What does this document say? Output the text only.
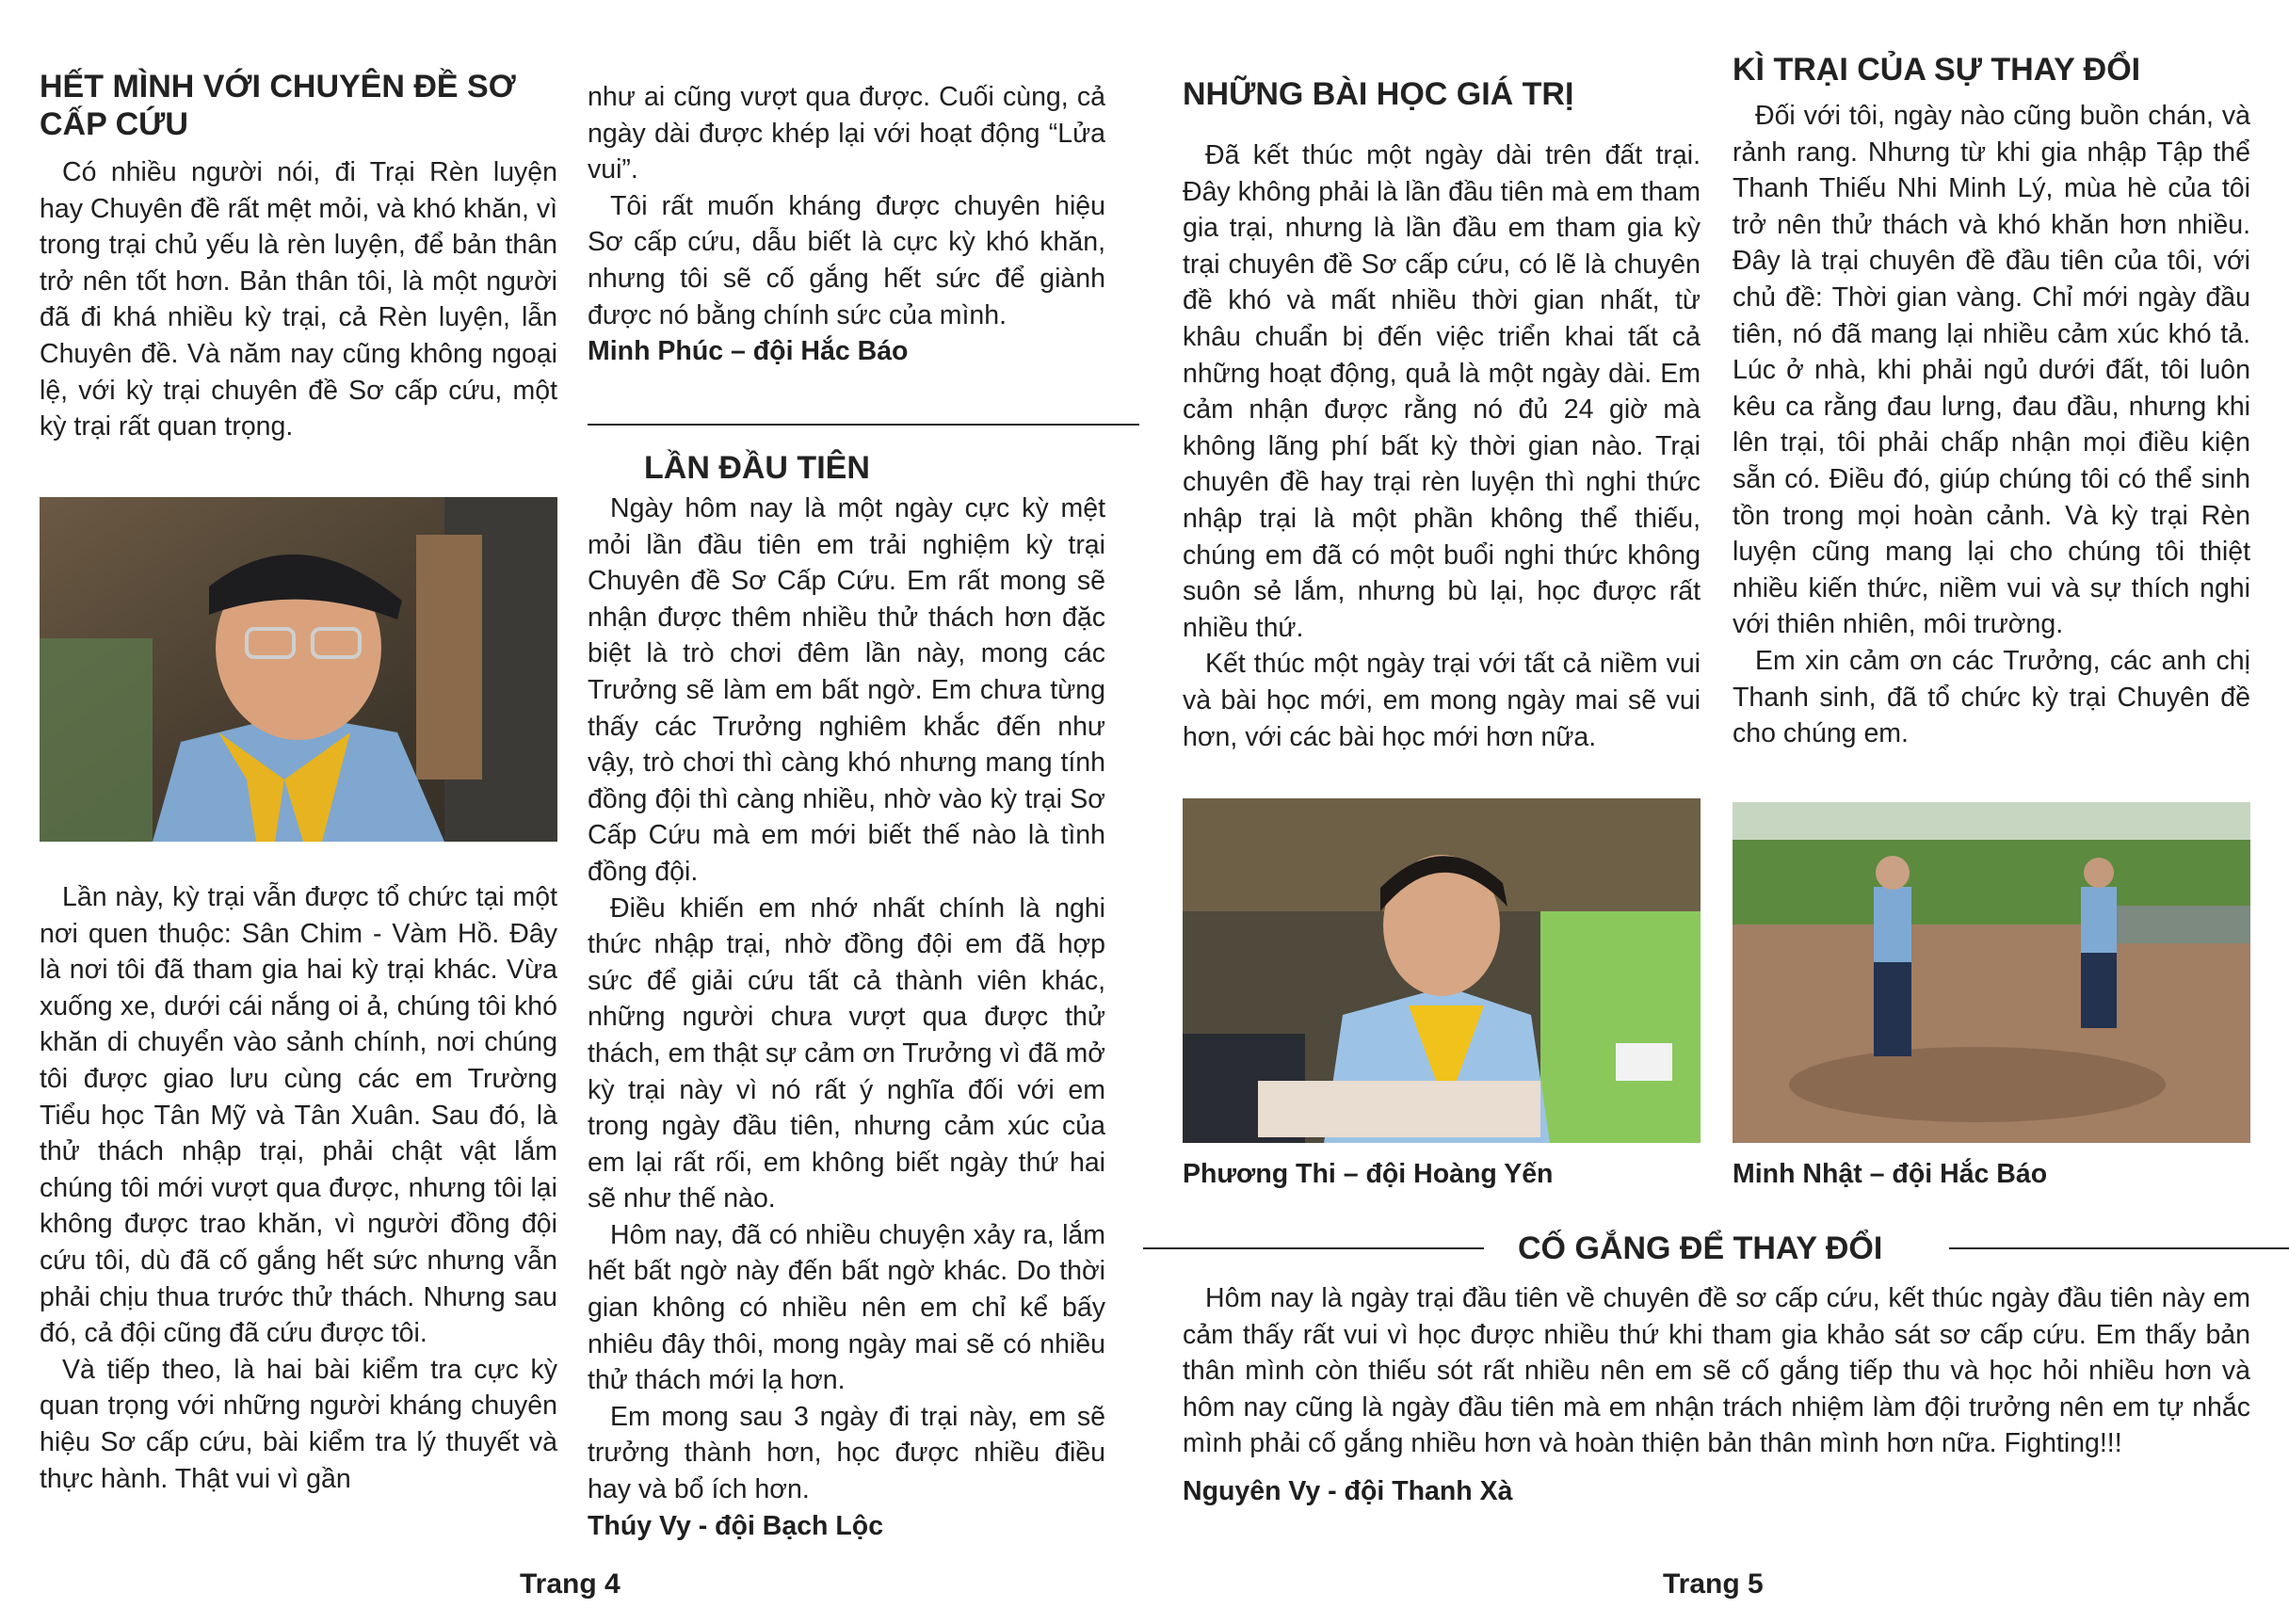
HẾT MÌNH VỚI CHUYÊN ĐỀ SƠ CẤP CỨU

Có nhiều người nói, đi Trại Rèn luyện hay Chuyên đề rất mệt mỏi, và khó khăn, vì trong trại chủ yếu là rèn luyện, để bản thân trở nên tốt hơn. Bản thân tôi, là một người đã đi khá nhiều kỳ trại, cả Rèn luyện, lẫn Chuyên đề. Và năm nay cũng không ngoại lệ, với kỳ trại chuyên đề Sơ cấp cứu, một kỳ trại rất quan trọng.

Lần này, kỳ trại vẫn được tổ chức tại một nơi quen thuộc: Sân Chim - Vàm Hồ. Đây là nơi tôi đã tham gia hai kỳ trại khác. Vừa xuống xe, dưới cái nắng oi ả, chúng tôi khó khăn di chuyển vào sảnh chính, nơi chúng tôi được giao lưu cùng các em Trường Tiểu học Tân Mỹ và Tân Xuân. Sau đó, là thử thách nhập trại, phải chật vật lắm chúng tôi mới vượt qua được, nhưng tôi lại không được trao khăn, vì người đồng đội cứu tôi, dù đã cố gắng hết sức nhưng vẫn phải chịu thua trước thử thách. Nhưng sau đó, cả đội cũng đã cứu được tôi.

Và tiếp theo, là hai bài kiểm tra cực kỳ quan trọng với những người kháng chuyên hiệu Sơ cấp cứu, bài kiểm tra lý thuyết và thực hành. Thật vui vì gần

như ai cũng vượt qua được. Cuối cùng, cả ngày dài được khép lại với hoạt động “Lửa vui”.

Tôi rất muốn kháng được chuyên hiệu Sơ cấp cứu, dẫu biết là cực kỳ khó khăn, nhưng tôi sẽ cố gắng hết sức để giành được nó bằng chính sức của mình.

Minh Phúc – đội Hắc Báo

LẦN ĐẦU TIÊN

Ngày hôm nay là một ngày cực kỳ mệt mỏi lần đầu tiên em trải nghiệm kỳ trại Chuyên đề Sơ Cấp Cứu. Em rất mong sẽ nhận được thêm nhiều thử thách hơn đặc biệt là trò chơi đêm lần này, mong các Trưởng sẽ làm em bất ngờ. Em chưa từng thấy các Trưởng nghiêm khắc đến như vậy, trò chơi thì càng khó nhưng mang tính đồng đội thì càng nhiều, nhờ vào kỳ trại Sơ Cấp Cứu mà em mới biết thế nào là tình đồng đội.

Điều khiến em nhớ nhất chính là nghi thức nhập trại, nhờ đồng đội em đã hợp sức để giải cứu tất cả thành viên khác, những người chưa vượt qua được thử thách, em thật sự cảm ơn Trưởng vì đã mở kỳ trại này vì nó rất ý nghĩa đối với em trong ngày đầu tiên, nhưng cảm xúc của em lại rất rối, em không biết ngày thứ hai sẽ như thế nào.

Hôm nay, đã có nhiều chuyện xảy ra, lắm hết bất ngờ này đến bất ngờ khác. Do thời gian không có nhiều nên em chỉ kể bấy nhiêu đây thôi, mong ngày mai sẽ có nhiều thử thách mới lạ hơn.

Em mong sau 3 ngày đi trại này, em sẽ trưởng thành hơn, học được nhiều điều hay và bổ ích hơn.

Thúy Vy - đội Bạch Lộc

Trang 4
NHỮNG BÀI HỌC GIÁ TRỊ

Đã kết thúc một ngày dài trên đất trại. Đây không phải là lần đầu tiên mà em tham gia trại, nhưng là lần đầu em tham gia kỳ trại chuyên đề Sơ cấp cứu, có lẽ là chuyên đề khó và mất nhiều thời gian nhất, từ khâu chuẩn bị đến việc triển khai tất cả những hoạt động, quả là một ngày dài. Em cảm nhận được rằng nó đủ 24 giờ mà không lãng phí bất kỳ thời gian nào. Trại chuyên đề hay trại rèn luyện thì nghi thức nhập trại là một phần không thể thiếu, chúng em đã có một buổi nghi thức không suôn sẻ lắm, nhưng bù lại, học được rất nhiều thứ.

Kết thúc một ngày trại với tất cả niềm vui và bài học mới, em mong ngày mai sẽ vui hơn, với các bài học mới hơn nữa.

Phương Thi – đội Hoàng Yến

KÌ TRẠI CỦA SỰ THAY ĐỔI

Đối với tôi, ngày nào cũng buồn chán, và rảnh rang. Nhưng từ khi gia nhập Tập thể Thanh Thiếu Nhi Minh Lý, mùa hè của tôi trở nên thử thách và khó khăn hơn nhiều. Đây là trại chuyên đề đầu tiên của tôi, với chủ đề: Thời gian vàng. Chỉ mới ngày đầu tiên, nó đã mang lại nhiều cảm xúc khó tả. Lúc ở nhà, khi phải ngủ dưới đất, tôi luôn kêu ca rằng đau lưng, đau đầu, nhưng khi lên trại, tôi phải chấp nhận mọi điều kiện sẵn có. Điều đó, giúp chúng tôi có thể sinh tồn trong mọi hoàn cảnh. Và kỳ trại Rèn luyện cũng mang lại cho chúng tôi thiệt nhiều kiến thức, niềm vui và sự thích nghi với thiên nhiên, môi trường.

Em xin cảm ơn các Trưởng, các anh chị Thanh sinh, đã tổ chức kỳ trại Chuyên đề cho chúng em.

Minh Nhật – đội Hắc Báo

CỐ GẮNG ĐỂ THAY ĐỔI

Hôm nay là ngày trại đầu tiên về chuyên đề sơ cấp cứu, kết thúc ngày đầu tiên này em cảm thấy rất vui vì học được nhiều thứ khi tham gia khảo sát sơ cấp cứu. Em thấy bản thân mình còn thiếu sót rất nhiều nên em sẽ cố gắng tiếp thu và học hỏi nhiều hơn và hôm nay cũng là ngày đầu tiên mà em nhận trách nhiệm làm đội trưởng nên em tự nhắc mình phải cố gắng nhiều hơn và hoàn thiện bản thân mình hơn nữa. Fighting!!!

Nguyên Vy - đội Thanh Xà

Trang 5
